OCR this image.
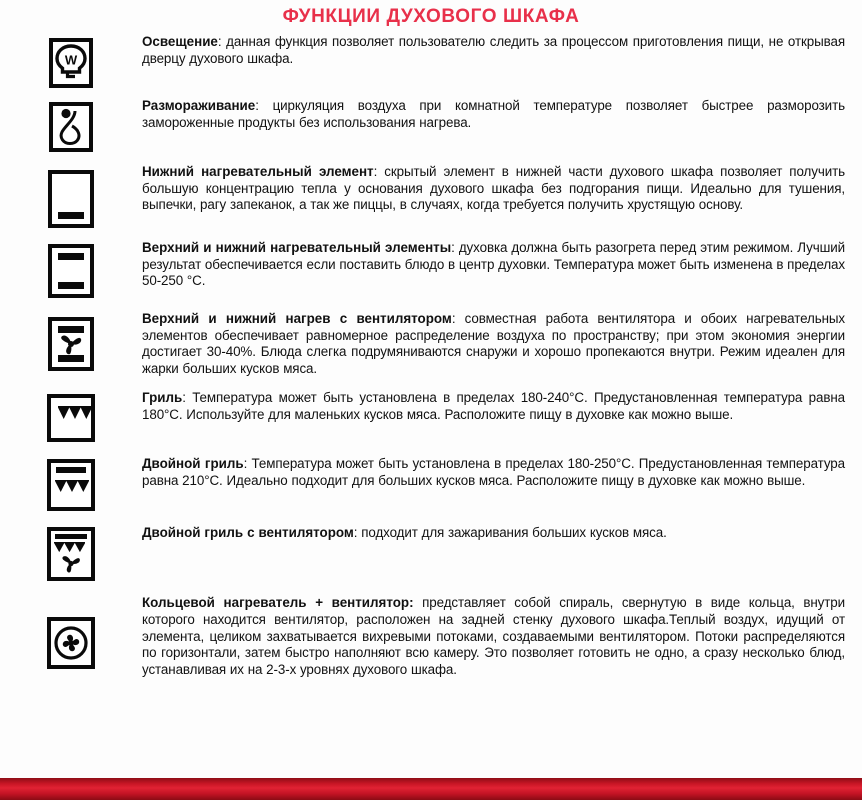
ФУНКЦИИ ДУХОВОГО ШКАФА
W
Освещение: данная функция позволяет пользователю следить за процессом приготовления пищи, не открывая дверцу духового шкафа.
Размораживание: циркуляция воздуха при комнатной температуре позволяет быстрее разморозить замороженные продукты без использования нагрева.
Нижний нагревательный элемент: скрытый элемент в нижней части духового шкафа позволяет получить большую концентрацию тепла у основания духового шкафа без подгорания пищи. Идеально для тушения, выпечки, рагу запеканок, а так же пиццы, в случаях, когда требуется получить хрустящую основу.
Верхний и нижний нагревательный элементы: духовка должна быть разогрета перед этим режимом. Лучший результат обеспечивается если поставить блюдо в центр духовки. Температура может быть изменена в пределах 50-250 °С.
Верхний и нижний нагрев с вентилятором: совместная работа вентилятора и обоих нагревательных элементов обеспечивает равномерное распределение воздуха по пространству; при этом экономия энергии достигает 30-40%. Блюда слегка подрумяниваются снаружи и хорошо пропекаются внутри. Режим идеален для жарки больших кусков мяса.
Гриль: Температура может быть установлена в пределах 180-240°С. Предустановленная температура равна 180°С. Используйте для маленьких кусков мяса. Расположите пищу в духовке как можно выше.
Двойной гриль: Температура может быть установлена в пределах 180-250°С. Предустановленная температура равна 210°С. Идеально подходит для больших кусков мяса. Расположите пищу в духовке как можно выше.
Двойной гриль с вентилятором: подходит для зажаривания больших кусков мяса.
Кольцевой нагреватель + вентилятор: представляет собой спираль, свернутую в виде кольца, внутри которого находится вентилятор, расположен на задней стенку духового шкафа.Теплый воздух, идущий от элемента, целиком захватывается вихревыми потоками, создаваемыми вентилятором. Потоки распределяются по горизонтали, затем быстро наполняют всю камеру. Это позволяет готовить не одно, а сразу несколько блюд, устанавливая их на 2-3-х уровнях духового шкафа.
